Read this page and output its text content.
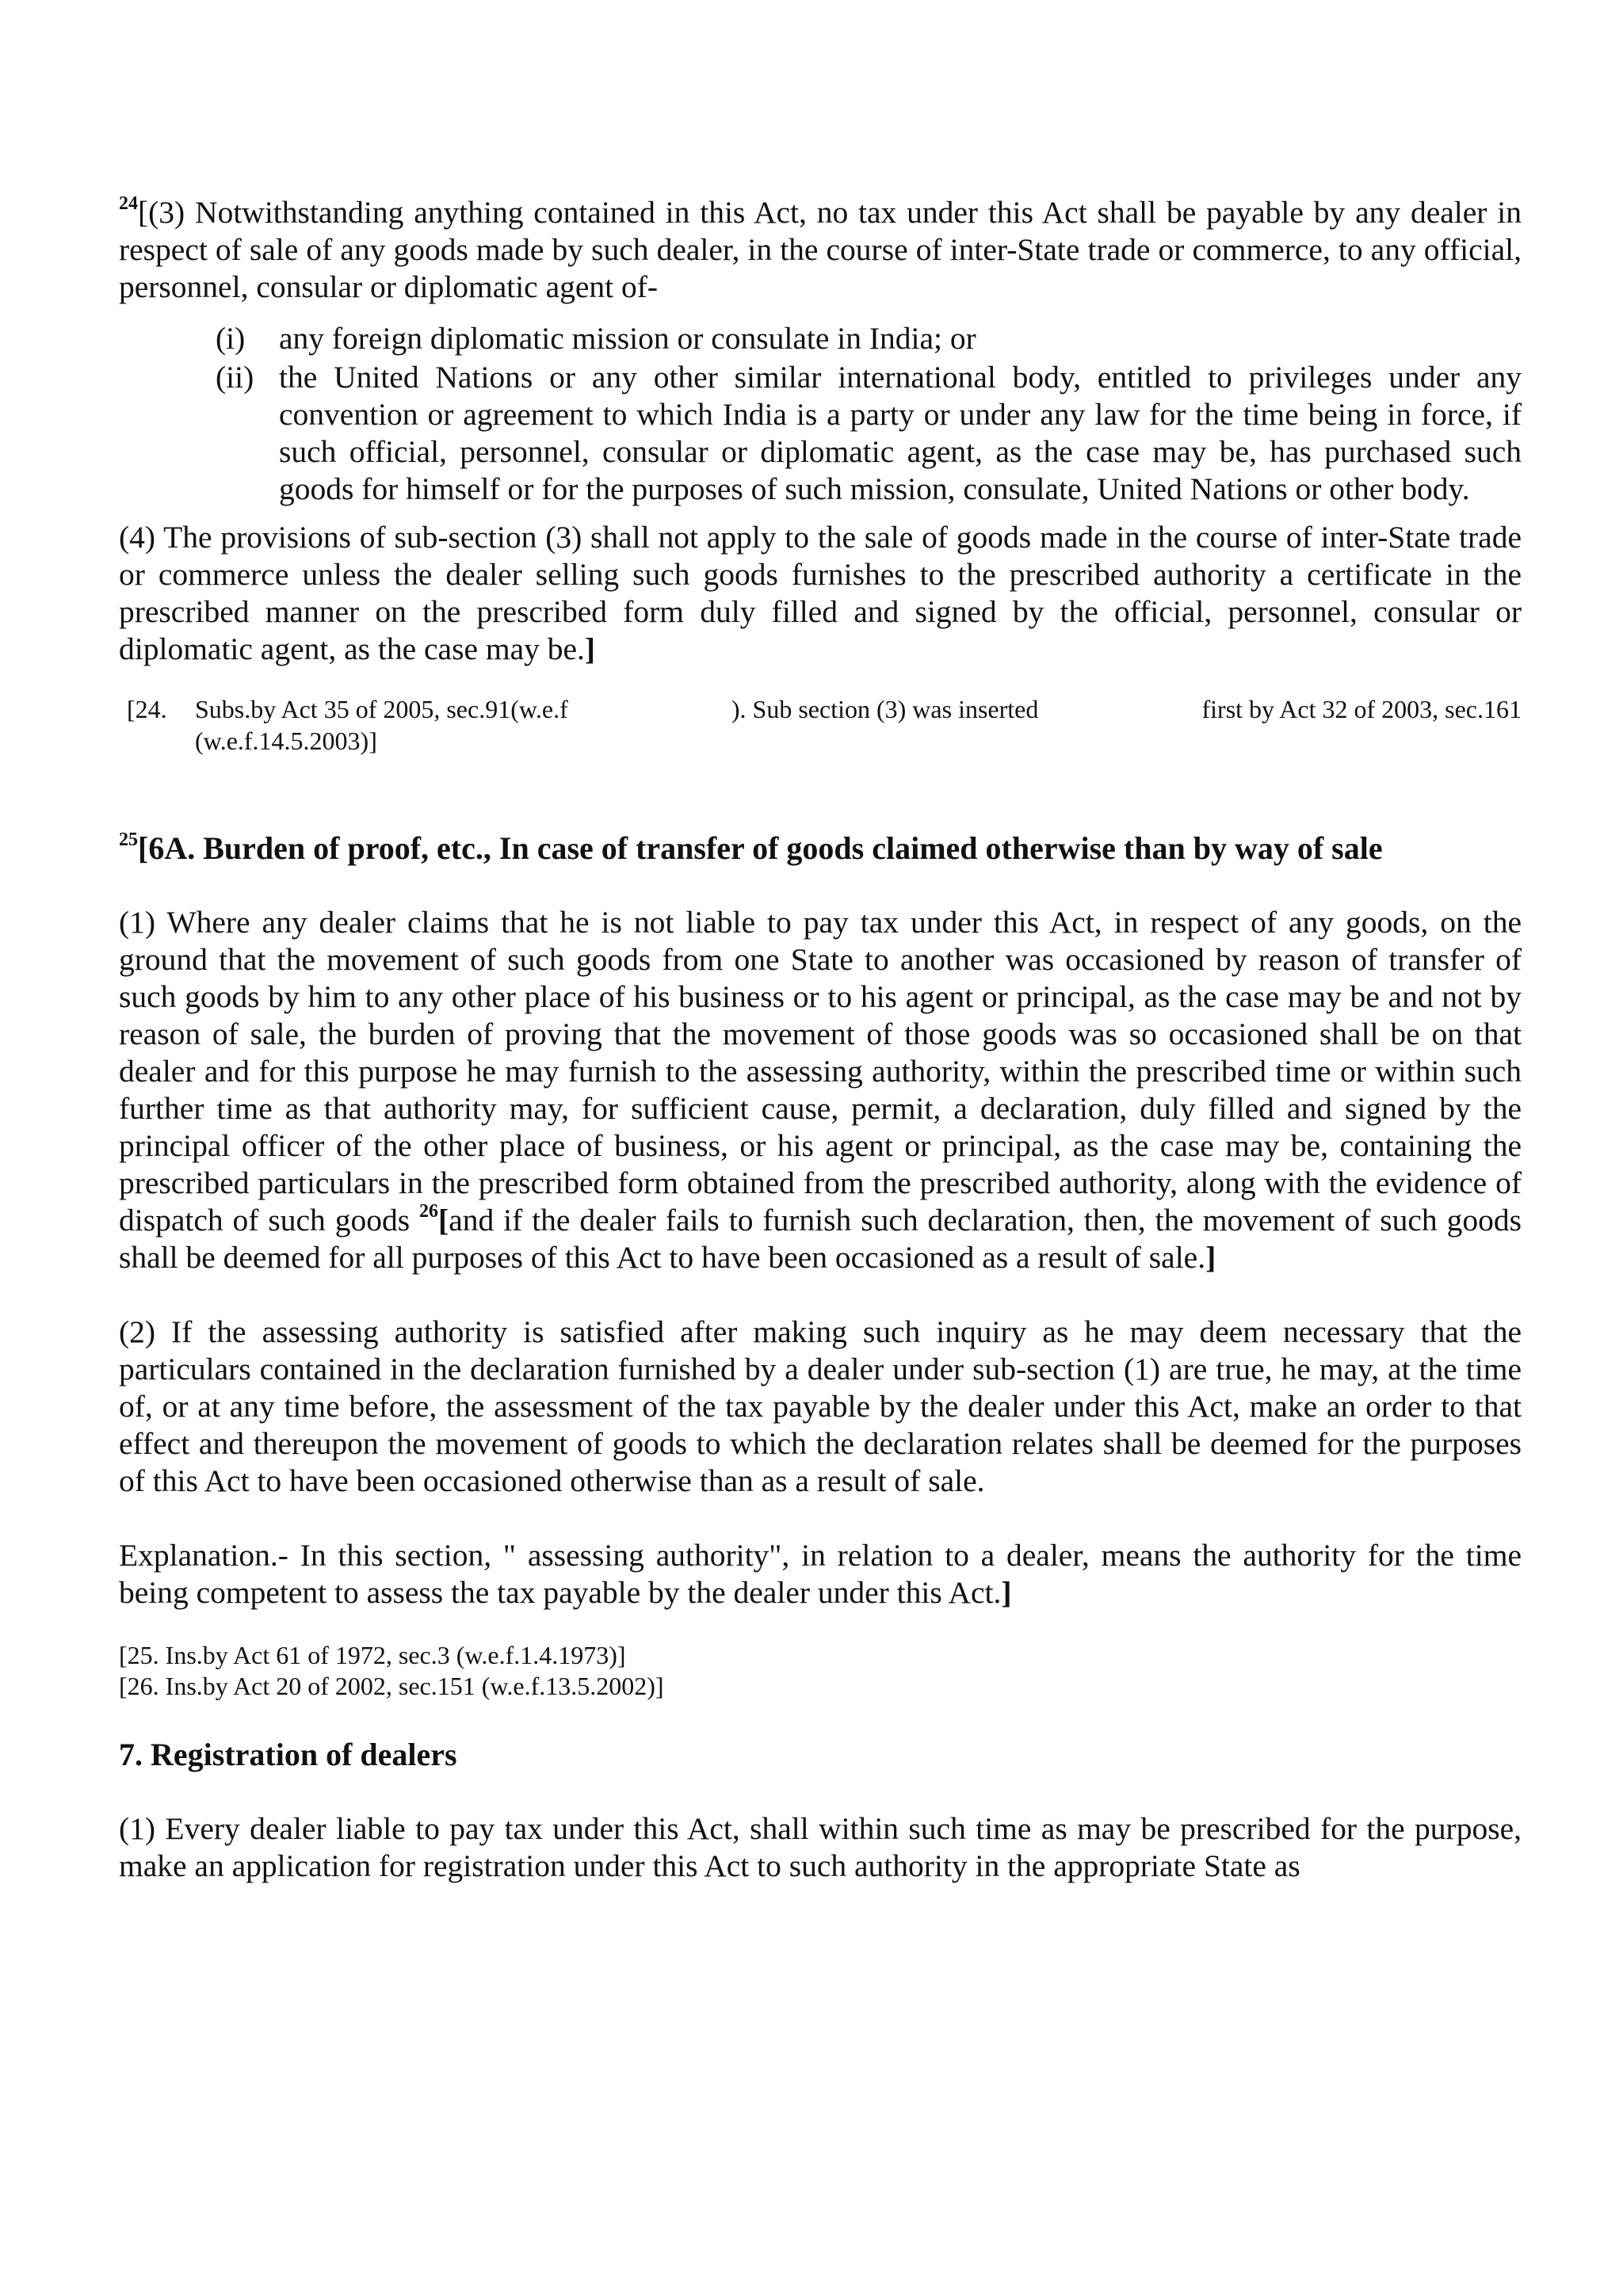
$^{24}$[(3) Notwithstanding anything contained in this Act, no tax under this Act shall be payable by any dealer in respect of sale of any goods made by such dealer, in the course of inter-State trade or commerce, to any official, personnel, consular or diplomatic agent of-

(i)	any foreign diplomatic mission or consulate in India; or
(ii) the United Nations or any other similar international body, entitled to privileges under any convention or agreement to which India is a party or under any law for the time being in force, if such official, personnel, consular or diplomatic agent, as the case may be, has purchased such goods for himself or for the purposes of such mission, consulate, United Nations or other body.

(4) The provisions of sub-section (3) shall not apply to the sale of goods made in the course of inter-State trade or commerce unless the dealer selling such goods furnishes to the prescribed authority a certificate in the prescribed manner on the prescribed form duly filled and signed by the official, personnel, consular or diplomatic agent, as the case may be.]

[24.	Subs.by Act 35 of 2005, sec.91(w.e.f	). Sub section (3) was inserted	first by Act 32 of 2003, sec.161
(w.e.f.14.5.2003)]

$^{25}$[6A. Burden of proof, etc., In case of transfer of goods claimed otherwise than by way of sale

(1) Where any dealer claims that he is not liable to pay tax under this Act, in respect of any goods, on the ground that the movement of such goods from one State to another was occasioned by reason of transfer of such goods by him to any other place of his business or to his agent or principal, as the case may be and not by reason of sale, the burden of proving that the movement of those goods was so occasioned shall be on that dealer and for this purpose he may furnish to the assessing authority, within the prescribed time or within such further time as that authority may, for sufficient cause, permit, a declaration, duly filled and signed by the principal officer of the other place of business, or his agent or principal, as the case may be, containing the prescribed particulars in the prescribed form obtained from the prescribed authority, along with the evidence of dispatch of such goods $^{26}$[and if the dealer fails to furnish such declaration, then, the movement of such goods shall be deemed for all purposes of this Act to have been occasioned as a result of sale.]

(2) If the assessing authority is satisfied after making such inquiry as he may deem necessary that the particulars contained in the declaration furnished by a dealer under sub-section (1) are true, he may, at the time of, or at any time before, the assessment of the tax payable by the dealer under this Act, make an order to that effect and thereupon the movement of goods to which the declaration relates shall be deemed for the purposes of this Act to have been occasioned otherwise than as a result of sale.

Explanation.- In this section, " assessing authority", in relation to a dealer, means the authority for the time being competent to assess the tax payable by the dealer under this Act.]

[25. Ins.by Act 61 of 1972, sec.3 (w.e.f.1.4.1973)]
[26. Ins.by Act 20 of 2002, sec.151 (w.e.f.13.5.2002)]

7. Registration of dealers

(1) Every dealer liable to pay tax under this Act, shall within such time as may be prescribed for the purpose, make an application for registration under this Act to such authority in the appropriate State as
